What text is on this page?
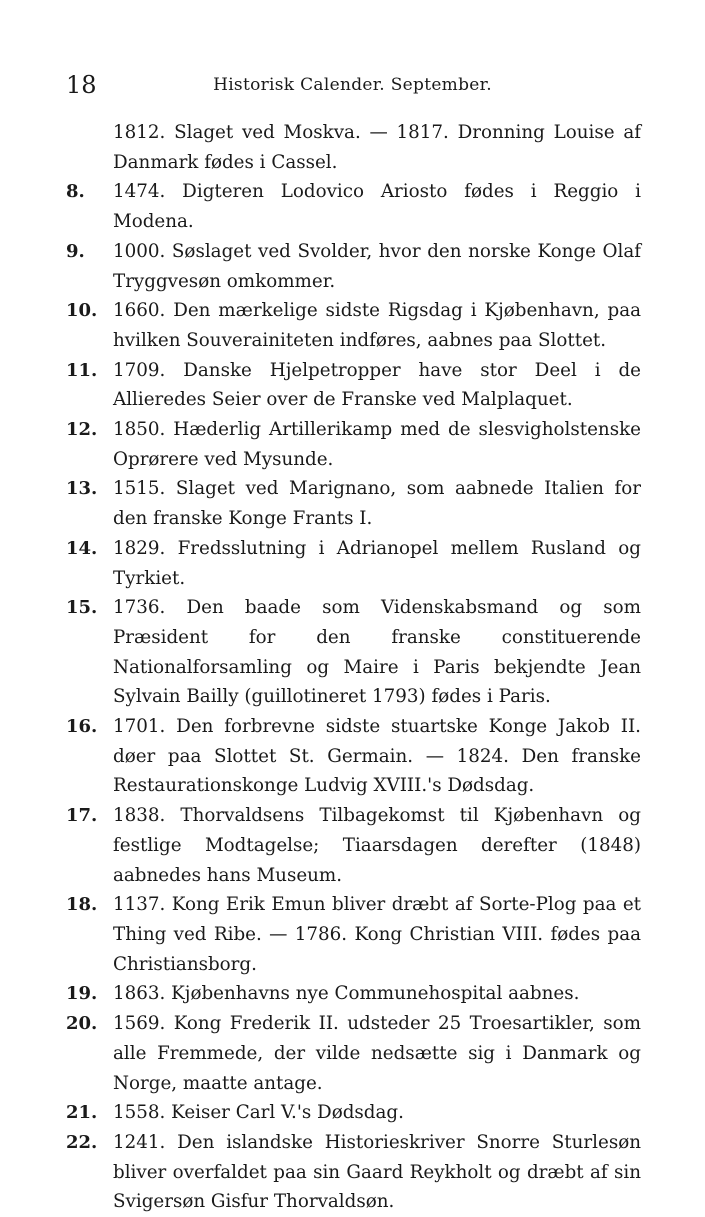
18	Historisk Calender. September.
1812. Slaget ved Moskva. — 1817. Dronning Louise af Danmark fødes i Cassel.
8.	1474. Digteren Lodovico Ariosto fødes i Reggio i Modena.
9.	1000. Søslaget ved Svolder, hvor den norske Konge Olaf Tryggvesøn omkommer.
10. 1660. Den mærkelige sidste Rigsdag i Kjøbenhavn, paa hvilken Souverainiteten indføres, aabnes paa Slottet.
11. 1709. Danske Hjelpetropper have stor Deel i de Allieredes Seier over de Franske ved Malplaquet.
12. 1850. Hæderlig Artillerikamp med de slesvigholstenske Oprørere ved Mysunde.
13. 1515. Slaget ved Marignano, som aabnede Italien for den franske Konge Frants I.
14. 1829. Fredsslutning i Adrianopel mellem Rusland og Tyrkiet.
15. 1736. Den baade som Videnskabsmand og som Præsident for den franske constituerende Nationalforsamling og Maire i Paris bekjendte Jean Sylvain Bailly (guillotineret 1793) fødes i Paris.
16. 1701. Den forbrevne sidste stuartske Konge Jakob II. døer paa Slottet St. Germain. — 1824. Den franske Restaurationskonge Ludvig XVIII.'s Dødsdag.
17. 1838. Thorvaldsens Tilbagekomst til Kjøbenhavn og festlige Modtagelse; Tiaarsdagen derefter (1848) aabnedes hans Museum.
18. 1137. Kong Erik Emun bliver dræbt af Sorte-Plog paa et Thing ved Ribe. — 1786. Kong Christian VIII. fødes paa Christiansborg.
19. 1863. Kjøbenhavns nye Communehospital aabnes.
20. 1569. Kong Frederik II. udsteder 25 Troesartikler, som alle Fremmede, der vilde nedsætte sig i Danmark og Norge, maatte antage.
21. 1558. Keiser Carl V.'s Dødsdag.
22. 1241. Den islandske Historieskriver Snorre Sturlesøn bliver overfaldet paa sin Gaard Reykholt og dræbt af sin Svigersøn Gisfur Thorvaldsøn.
